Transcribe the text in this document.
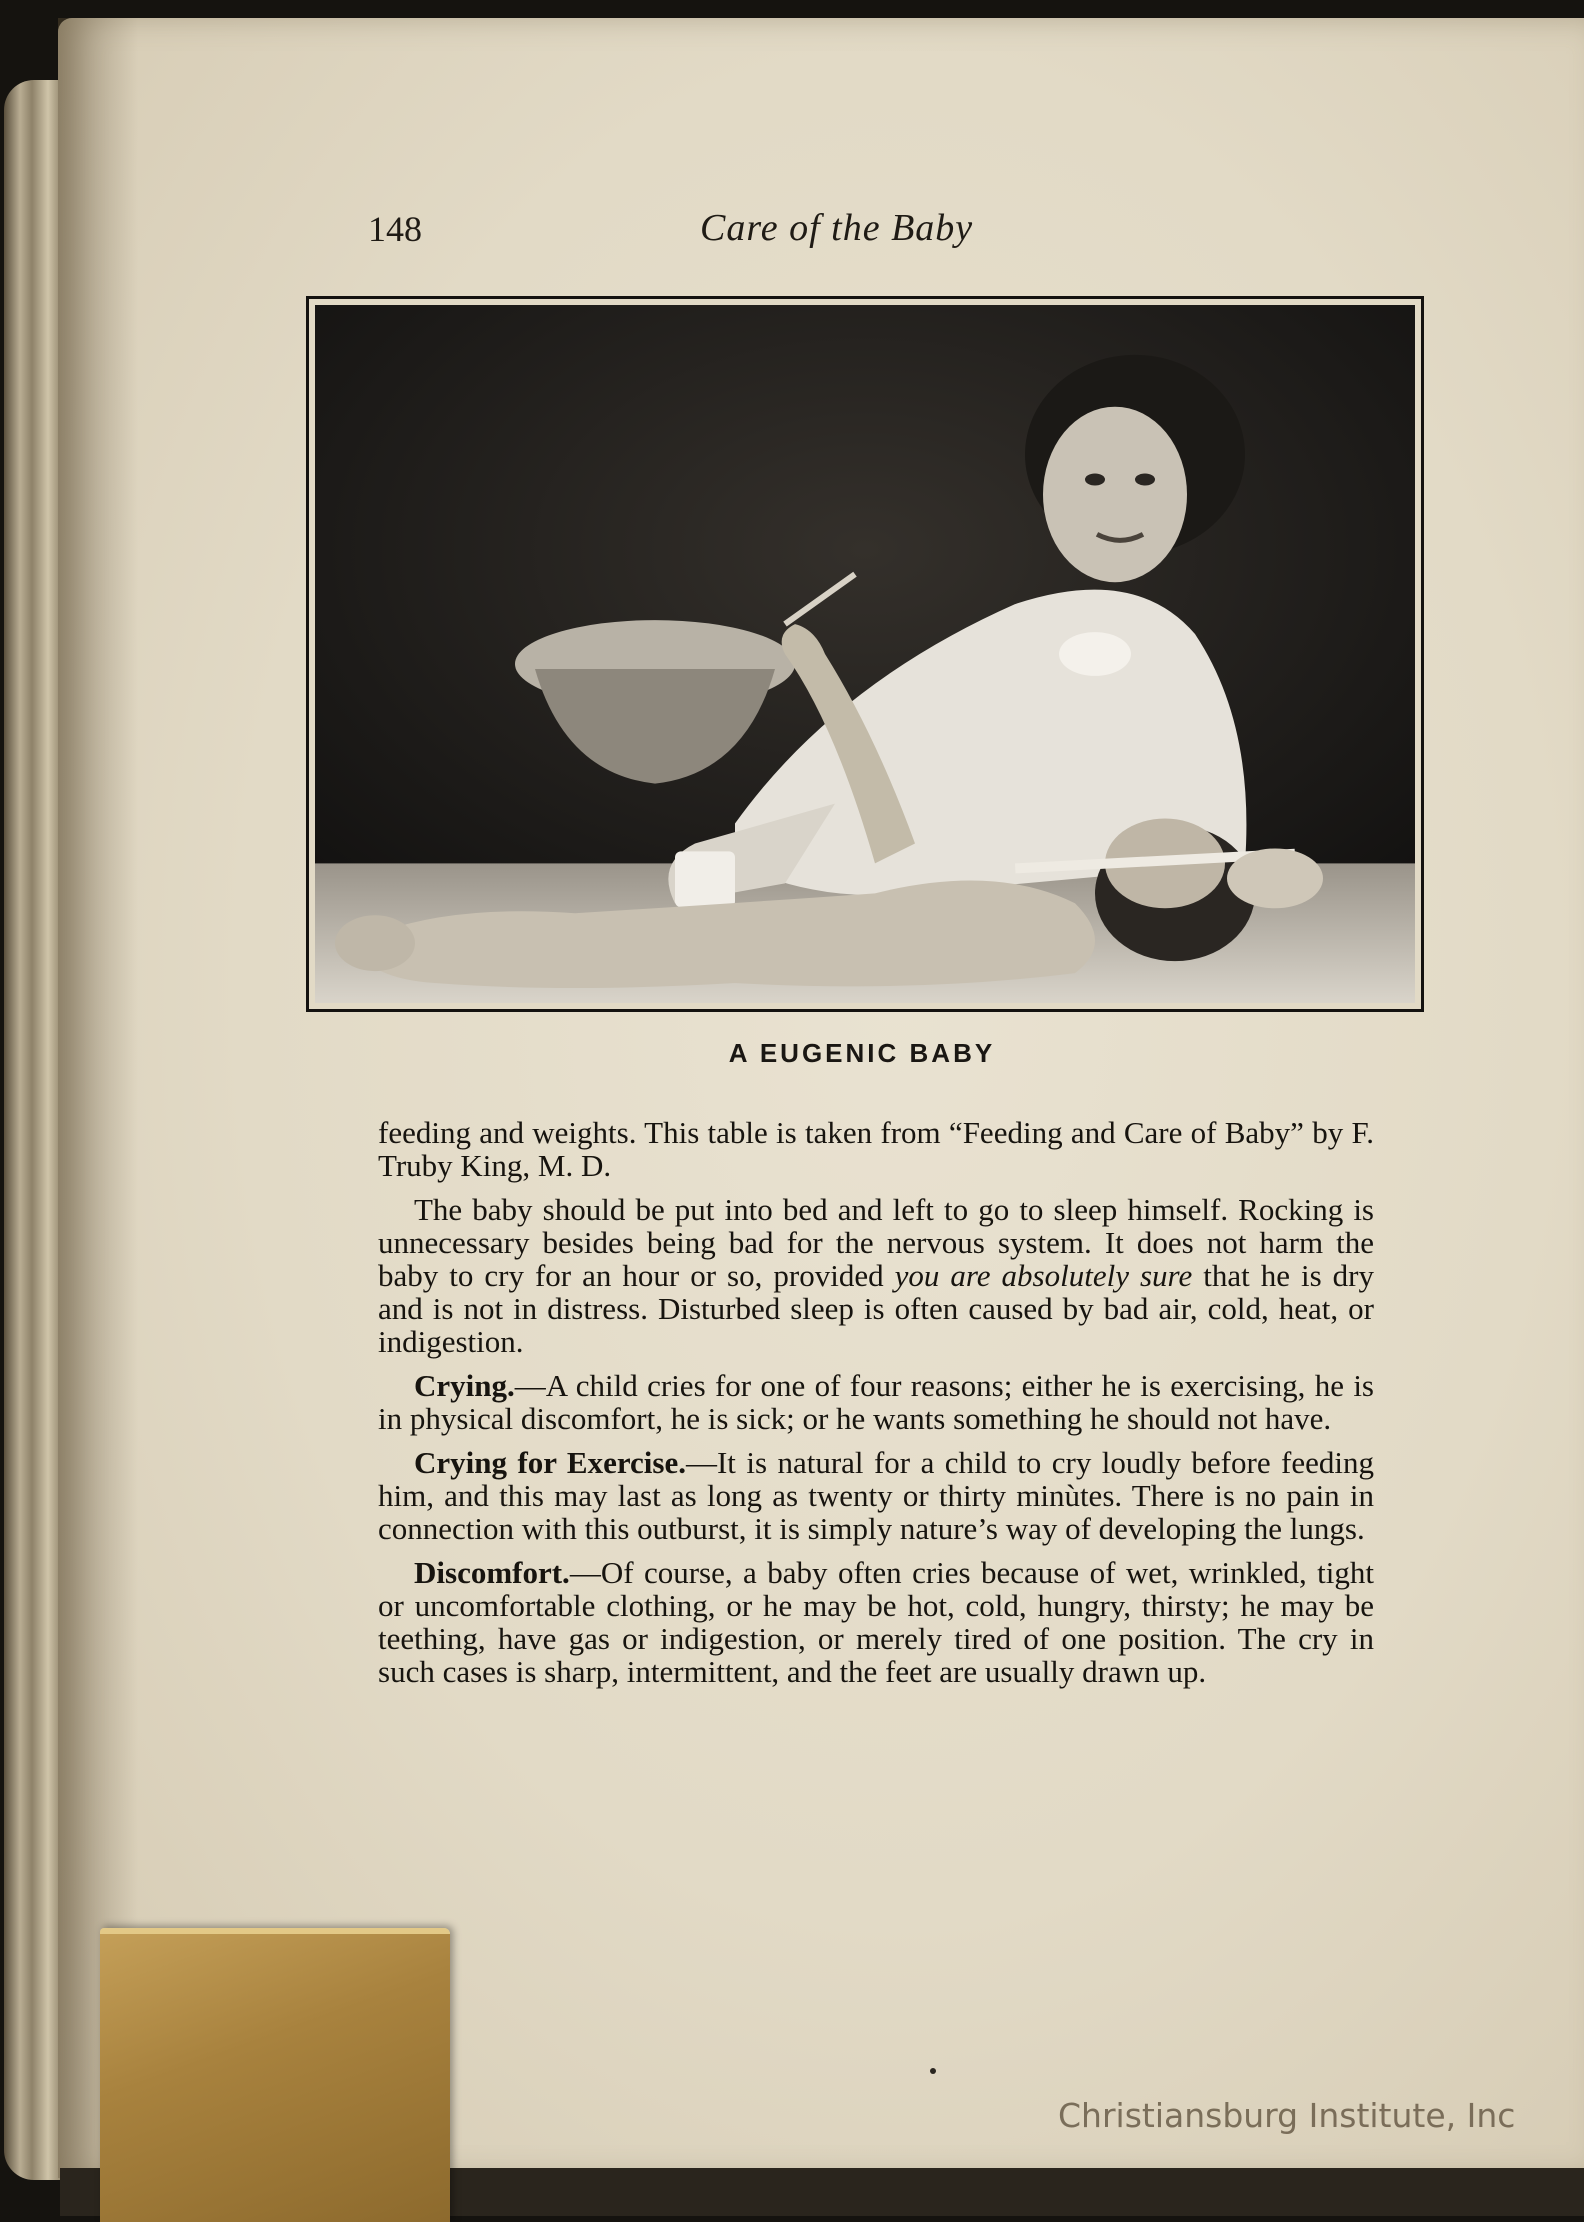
148	Care of the Baby
A EUGENIC BABY

feeding and weights. This table is taken from “Feeding and Care of Baby” by F. Truby King, M. D.

The baby should be put into bed and left to go to sleep himself. Rocking is unnecessary besides being bad for the nervous system. It does not harm the baby to cry for an hour or so, provided you are absolutely sure that he is dry and is not in distress. Disturbed sleep is often caused by bad air, cold, heat, or indigestion.

Crying.—A child cries for one of four reasons; either he is exercising, he is in physical discomfort, he is sick; or he wants something he should not have.

Crying for Exercise.—It is natural for a child to cry loudly before feeding him, and this may last as long as twenty or thirty minùtes. There is no pain in connection with this outburst, it is simply nature’s way of developing the lungs.

Discomfort.—Of course, a baby often cries because of wet, wrinkled, tight or uncomfortable clothing, or he may be hot, cold, hungry, thirsty; he may be teething, have gas or indigestion, or merely tired of one position. The cry in such cases is sharp, intermittent, and the feet are usually drawn up.

Christiansburg Institute, Inc
